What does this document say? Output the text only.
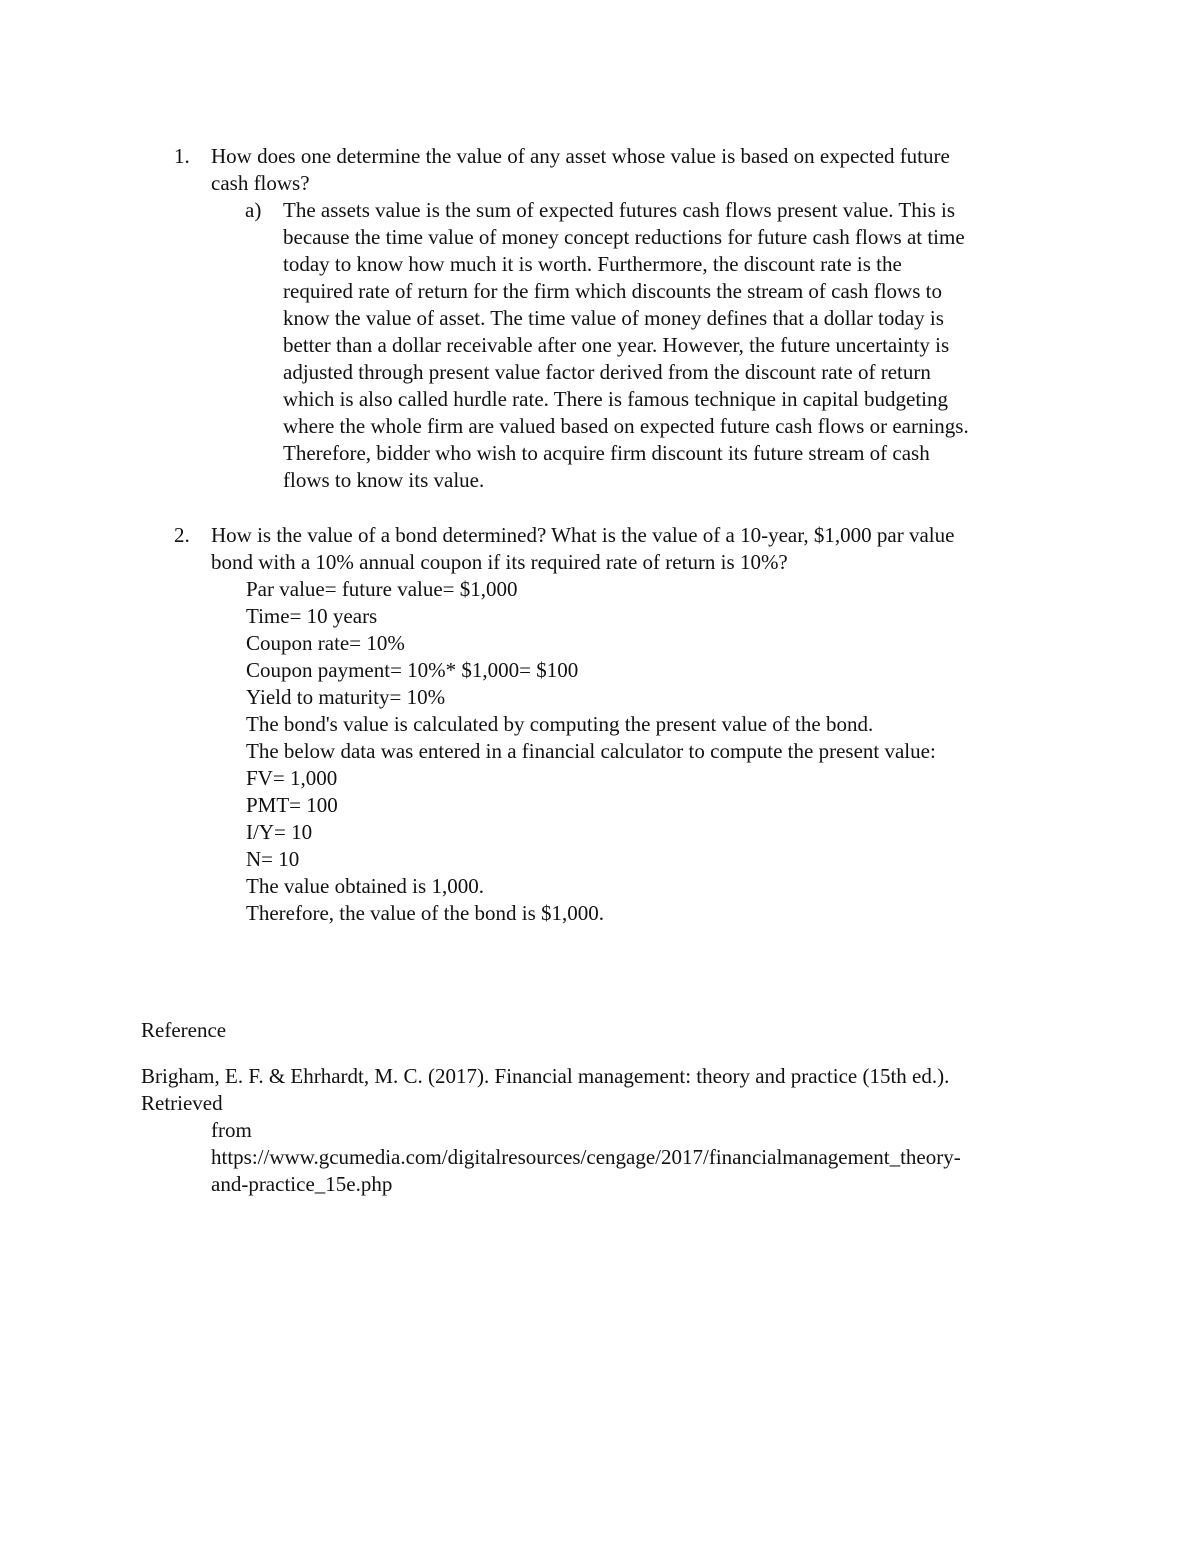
1. How does one determine the value of any asset whose value is based on expected future
cash flows?
a) The assets value is the sum of expected futures cash flows present value. This is
because the time value of money concept reductions for future cash flows at time
today to know how much it is worth. Furthermore, the discount rate is the
required rate of return for the firm which discounts the stream of cash flows to
know the value of asset. The time value of money defines that a dollar today is
better than a dollar receivable after one year. However, the future uncertainty is
adjusted through present value factor derived from the discount rate of return
which is also called hurdle rate. There is famous technique in capital budgeting
where the whole firm are valued based on expected future cash flows or earnings.
Therefore, bidder who wish to acquire firm discount its future stream of cash
flows to know its value.
2. How is the value of a bond determined? What is the value of a 10-year, $1,000 par value
bond with a 10% annual coupon if its required rate of return is 10%?
Par value= future value= $1,000
Time= 10 years
Coupon rate= 10%
Coupon payment= 10%* $1,000= $100
Yield to maturity= 10%
The bond's value is calculated by computing the present value of the bond.
The below data was entered in a financial calculator to compute the present value:
FV= 1,000
PMT= 100
I/Y= 10
N= 10
The value obtained is 1,000.
Therefore, the value of the bond is $1,000.
Reference
Brigham, E. F. & Ehrhardt, M. C. (2017). Financial management: theory and practice (15th ed.).
Retrieved
from
https://www.gcumedia.com/digitalresources/cengage/2017/financialmanagement_theory-
and-practice_15e.php
